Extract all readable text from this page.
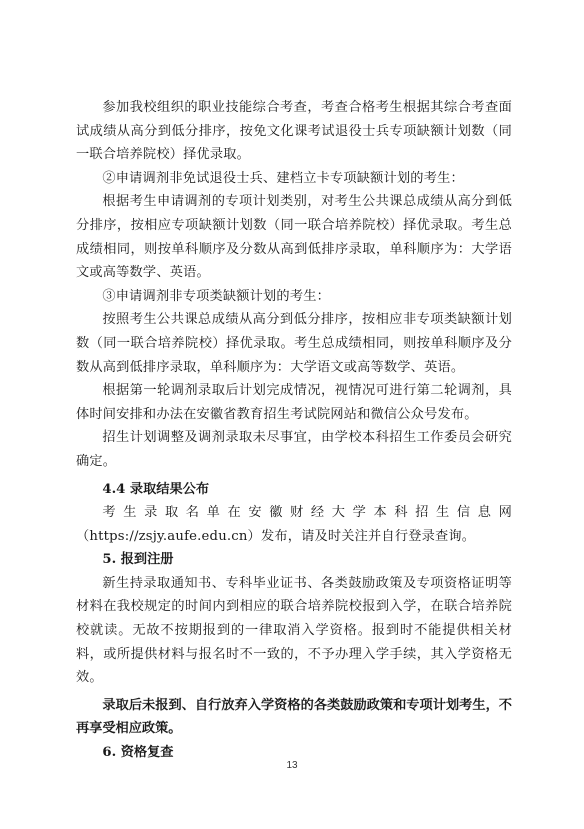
参加我校组织的职业技能综合考查，考查合格考生根据其综合考查面试成绩从高分到低分排序，按免文化课考试退役士兵专项缺额计划数（同一联合培养院校）择优录取。

②申请调剂非免试退役士兵、建档立卡专项缺额计划的考生：

根据考生申请调剂的专项计划类别，对考生公共课总成绩从高分到低分排序，按相应专项缺额计划数（同一联合培养院校）择优录取。考生总成绩相同，则按单科顺序及分数从高到低排序录取，单科顺序为：大学语文或高等数学、英语。

③申请调剂非专项类缺额计划的考生：

按照考生公共课总成绩从高分到低分排序，按相应非专项类缺额计划数（同一联合培养院校）择优录取。考生总成绩相同，则按单科顺序及分数从高到低排序录取，单科顺序为：大学语文或高等数学、英语。

根据第一轮调剂录取后计划完成情况，视情况可进行第二轮调剂，具体时间安排和办法在安徽省教育招生考试院网站和微信公众号发布。

招生计划调整及调剂录取未尽事宜，由学校本科招生工作委员会研究确定。

4.4 录取结果公布

考生录取名单在安徽财经大学本科招生信息网（https://zsjy.aufe.edu.cn）发布，请及时关注并自行登录查询。

5. 报到注册

新生持录取通知书、专科毕业证书、各类鼓励政策及专项资格证明等材料在我校规定的时间内到相应的联合培养院校报到入学，在联合培养院校就读。无故不按期报到的一律取消入学资格。报到时不能提供相关材料，或所提供材料与报名时不一致的，不予办理入学手续，其入学资格无效。

录取后未报到、自行放弃入学资格的各类鼓励政策和专项计划考生，不再享受相应政策。

6. 资格复查

13
